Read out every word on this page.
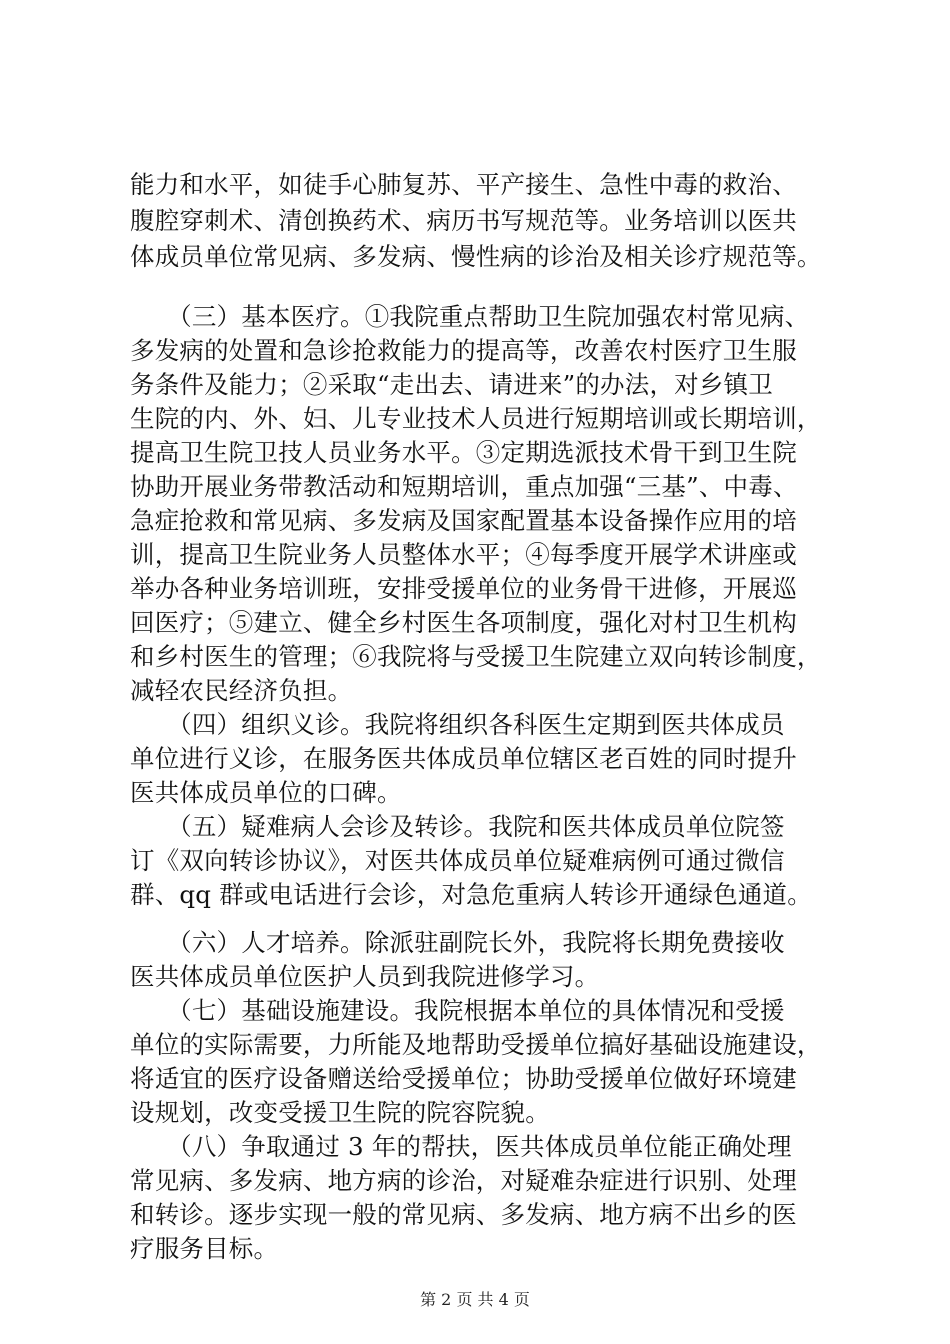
能力和水平，如徒手心肺复苏、平产接生、急性中毒的救治、
腹腔穿刺术、清创换药术、病历书写规范等。业务培训以医共
体成员单位常见病、多发病、慢性病的诊治及相关诊疗规范等。
　　（三）基本医疗。①我院重点帮助卫生院加强农村常见病、
多发病的处置和急诊抢救能力的提高等，改善农村医疗卫生服
务条件及能力；②采取“走出去、请进来”的办法，对乡镇卫
生院的内、外、妇、儿专业技术人员进行短期培训或长期培训，
提高卫生院卫技人员业务水平。③定期选派技术骨干到卫生院
协助开展业务带教活动和短期培训，重点加强“三基”、中毒、
急症抢救和常见病、多发病及国家配置基本设备操作应用的培
训，提高卫生院业务人员整体水平；④每季度开展学术讲座或
举办各种业务培训班，安排受援单位的业务骨干进修，开展巡
回医疗；⑤建立、健全乡村医生各项制度，强化对村卫生机构
和乡村医生的管理；⑥我院将与受援卫生院建立双向转诊制度，
减轻农民经济负担。
　　（四）组织义诊。我院将组织各科医生定期到医共体成员
单位进行义诊，在服务医共体成员单位辖区老百姓的同时提升
医共体成员单位的口碑。
　　（五）疑难病人会诊及转诊。我院和医共体成员单位院签
订《双向转诊协议》，对医共体成员单位疑难病例可通过微信
群、qq 群或电话进行会诊，对急危重病人转诊开通绿色通道。
　　（六）人才培养。除派驻副院长外，我院将长期免费接收
医共体成员单位医护人员到我院进修学习。
　　（七）基础设施建设。我院根据本单位的具体情况和受援
单位的实际需要，力所能及地帮助受援单位搞好基础设施建设，
将适宜的医疗设备赠送给受援单位；协助受援单位做好环境建
设规划，改变受援卫生院的院容院貌。
　　（八）争取通过 3 年的帮扶，医共体成员单位能正确处理
常见病、多发病、地方病的诊治，对疑难杂症进行识别、处理
和转诊。逐步实现一般的常见病、多发病、地方病不出乡的医
疗服务目标。
第 2 页 共 4 页
